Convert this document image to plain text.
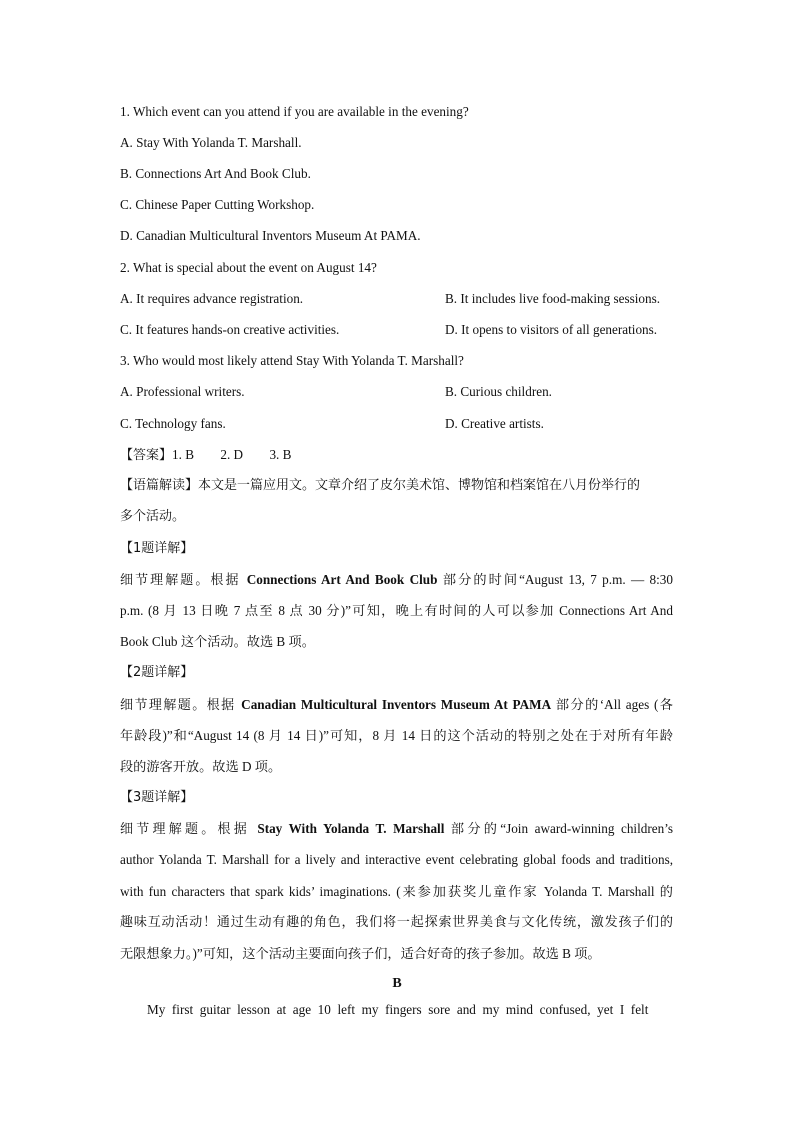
1. Which event can you attend if you are available in the evening?
A. Stay With Yolanda T. Marshall.
B. Connections Art And Book Club.
C. Chinese Paper Cutting Workshop.
D. Canadian Multicultural Inventors Museum At PAMA.
2. What is special about the event on August 14?
A. It requires advance registration.	B. It includes live food-making sessions.
C. It features hands-on creative activities.	D. It opens to visitors of all generations.
3. Who would most likely attend Stay With Yolanda T. Marshall?
A. Professional writers.	B. Curious children.
C. Technology fans.	D. Creative artists.
【答案】1. B        2. D        3. B
【语篇解读】本文是一篇应用文。文章介绍了皮尔美术馆、博物馆和档案馆在八月份举行的
多个活动。
【1题详解】
细节理解题。根据 Connections Art And Book Club 部分的时间“August 13, 7 p.m. — 8:30
p.m. (8 月 13 日晚 7 点至 8 点 30 分)”可知，晚上有时间的人可以参加 Connections Art And
Book Club 这个活动。故选 B 项。
【2题详解】
细节理解题。根据 Canadian Multicultural Inventors Museum At PAMA 部分的‘All ages (各
年龄段)”和“August 14 (8 月 14 日)”可知，8 月 14 日的这个活动的特别之处在于对所有年龄
段的游客开放。故选 D 项。
【3题详解】
细节理解题。根据 Stay With Yolanda T. Marshall 部分的“Join award-winning children’s
author Yolanda T. Marshall for a lively and interactive event celebrating global foods and traditions,
with fun characters that spark kids’ imaginations. (来参加获奖儿童作家 Yolanda T. Marshall 的
趣味互动活动！通过生动有趣的角色，我们将一起探索世界美食与文化传统，激发孩子们的
无限想象力。)”可知，这个活动主要面向孩子们，适合好奇的孩子参加。故选 B 项。
B
My  first  guitar  lesson  at  age  10  left  my  fingers  sore  and  my  mind  confused,  yet  I  felt
